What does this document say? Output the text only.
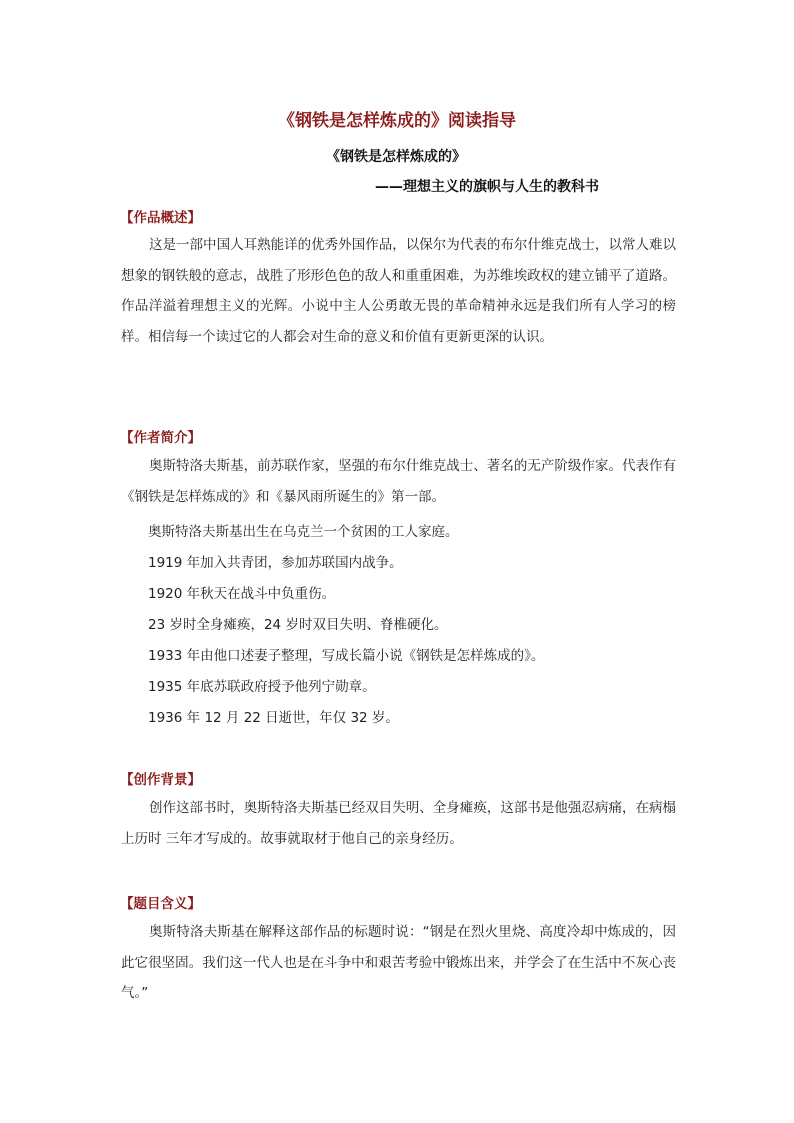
《钢铁是怎样炼成的》阅读指导
《钢铁是怎样炼成的》
——理想主义的旗帜与人生的教科书
【作品概述】
这是一部中国人耳熟能详的优秀外国作品，以保尔为代表的布尔什维克战士，以常人难以想象的钢铁般的意志，战胜了形形色色的敌人和重重困难，为苏维埃政权的建立铺平了道路。作品洋溢着理想主义的光辉。小说中主人公勇敢无畏的革命精神永远是我们所有人学习的榜样。相信每一个读过它的人都会对生命的意义和价值有更新更深的认识。
【作者简介】
奥斯特洛夫斯基，前苏联作家，坚强的布尔什维克战士、著名的无产阶级作家。代表作有《钢铁是怎样炼成的》和《暴风雨所诞生的》第一部。
奥斯特洛夫斯基出生在乌克兰一个贫困的工人家庭。
1919 年加入共青团，参加苏联国内战争。
1920 年秋天在战斗中负重伤。
23 岁时全身瘫痪，24 岁时双目失明、脊椎硬化。
1933 年由他口述妻子整理，写成长篇小说《钢铁是怎样炼成的》。
1935 年底苏联政府授予他列宁勋章。
1936 年 12 月 22 日逝世，年仅 32 岁。
【创作背景】
创作这部书时，奥斯特洛夫斯基已经双目失明、全身瘫痪，这部书是他强忍病痛，在病榻上历时 三年才写成的。故事就取材于他自己的亲身经历。
【题目含义】
奥斯特洛夫斯基在解释这部作品的标题时说：“钢是在烈火里烧、高度冷却中炼成的，因此它很坚固。我们这一代人也是在斗争中和艰苦考验中锻炼出来，并学会了在生活中不灰心丧气。”
